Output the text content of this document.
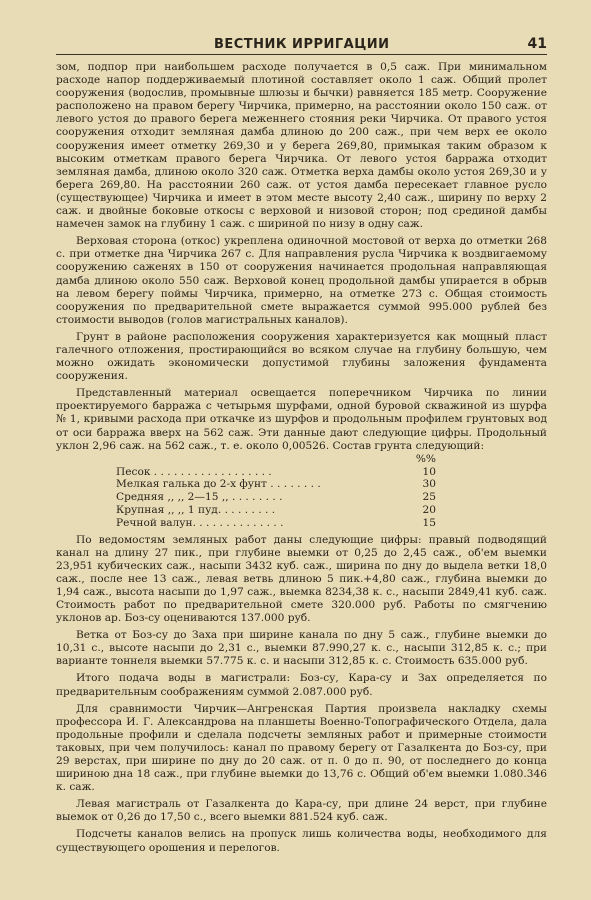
ВЕСТНИК ИРРИГАЦИИ	41

зом, подпор при наибольшем расходе получается в 0,5 саж. При минимальном расходе напор поддерживаемый плотиной составляет около 1 саж. Общий пролет сооружения (водослив, промывные шлюзы и бычки) равняется 185 метр. Сооружение расположено на правом берегу Чирчика, примерно, на расстоянии около 150 саж. от левого устоя до правого берега меженнего стояния реки Чирчика. От правого устоя сооружения отходит земляная дамба длиною до 200 саж., при чем верх ее около сооружения имеет отметку 269,30 и у берега 269,80, примыкая таким образом к высоким отметкам правого берега Чирчика. От левого устоя барража отходит земляная дамба, длиною около 320 саж. Отметка верха дамбы около устоя 269,30 и у берега 269,80. На расстоянии 260 саж. от устоя дамба пересекает главное русло (существующее) Чирчика и имеет в этом месте высоту 2,40 саж., ширину по верху 2 саж. и двойные боковые откосы с верховой и низовой сторон; под срединой дамбы намечен замок на глубину 1 саж. с шириной по низу в одну саж.

Верховая сторона (откос) укреплена одиночной мостовой от верха до отметки 268 с. при отметке дна Чирчика 267 с. Для направления русла Чирчика к воздвигаемому сооружению саженях в 150 от сооружения начинается продольная направляющая дамба длиною около 550 саж. Верховой конец продольной дамбы упирается в обрыв на левом берегу поймы Чирчика, примерно, на отметке 273 с. Общая стоимость сооружения по предварительной смете выражается суммой 995.000 рублей без стоимости выводов (голов магистральных каналов).

Грунт в районе расположения сооружения характеризуется как мощный пласт галечного отложения, простирающийся во всяком случае на глубину большую, чем можно ожидать экономически допустимой глубины заложения фундамента сооружения.

Представленный материал освещается поперечником Чирчика по линии проектируемого барража с четырьмя шурфами, одной буровой скважиной из шурфа № 1, кривыми расхода при откачке из шурфов и продольным профилем грунтовых вод от оси барража вверх на 562 саж. Эти данные дают следующие цифры. Продольный уклон 2,96 саж. на 562 саж., т. е. около 0,00526. Состав грунта следующий:

%%
Песок . . . . . . . . . . . . . . . . . .	10
Мелкая галька до 2-х фунт . . . . . . . .	30
Средняя ,, ,, 2—15 ,, . . . . . . . .	25
Крупная ,, ,, 1 пуд. . . . . . . . .	20
Речной валун. . . . . . . . . . . . . .	15

По ведомостям земляных работ даны следующие цифры: правый подводящий канал на длину 27 пик., при глубине выемки от 0,25 до 2,45 саж., об'ем выемки 23,951 кубических саж., насыпи 3432 куб. саж., ширина по дну до выдела ветки 18,0 саж., после нее 13 саж., левая ветвь длиною 5 пик.+4,80 саж., глубина выемки до 1,94 саж., высота насыпи до 1,97 саж., выемка 8234,38 к. с., насыпи 2849,41 куб. саж. Стоимость работ по предварительной смете 320.000 руб. Работы по смягчению уклонов ар. Боз-су оцениваются 137.000 руб.

Ветка от Боз-су до Заха при ширине канала по дну 5 саж., глубине выемки до 10,31 с., высоте насыпи до 2,31 с., выемки 87.990,27 к. с., насыпи 312,85 к. с.; при варианте тоннеля выемки 57.775 к. с. и насыпи 312,85 к. с. Стоимость 635.000 руб.

Итого подача воды в магистрали: Боз-су, Кара-су и Зах определяется по предварительным соображениям суммой 2.087.000 руб.

Для сравнимости Чирчик—Ангренская Партия произвела накладку схемы профессора И. Г. Александрова на планшеты Военно-Топографического Отдела, дала продольные профили и сделала подсчеты земляных работ и примерные стоимости таковых, при чем получилось: канал по правому берегу от Газалкента до Боз-су, при 29 верстах, при ширине по дну до 20 саж. от п. 0 до п. 90, от последнего до конца шириною дна 18 саж., при глубине выемки до 13,76 с. Общий об'ем выемки 1.080.346 к. саж.

Левая магистраль от Газалкента до Кара-су, при длине 24 верст, при глубине выемок от 0,26 до 17,50 с., всего выемки 881.524 куб. саж.

Подсчеты каналов велись на пропуск лишь количества воды, необходимого для существующего орошения и перелогов.
